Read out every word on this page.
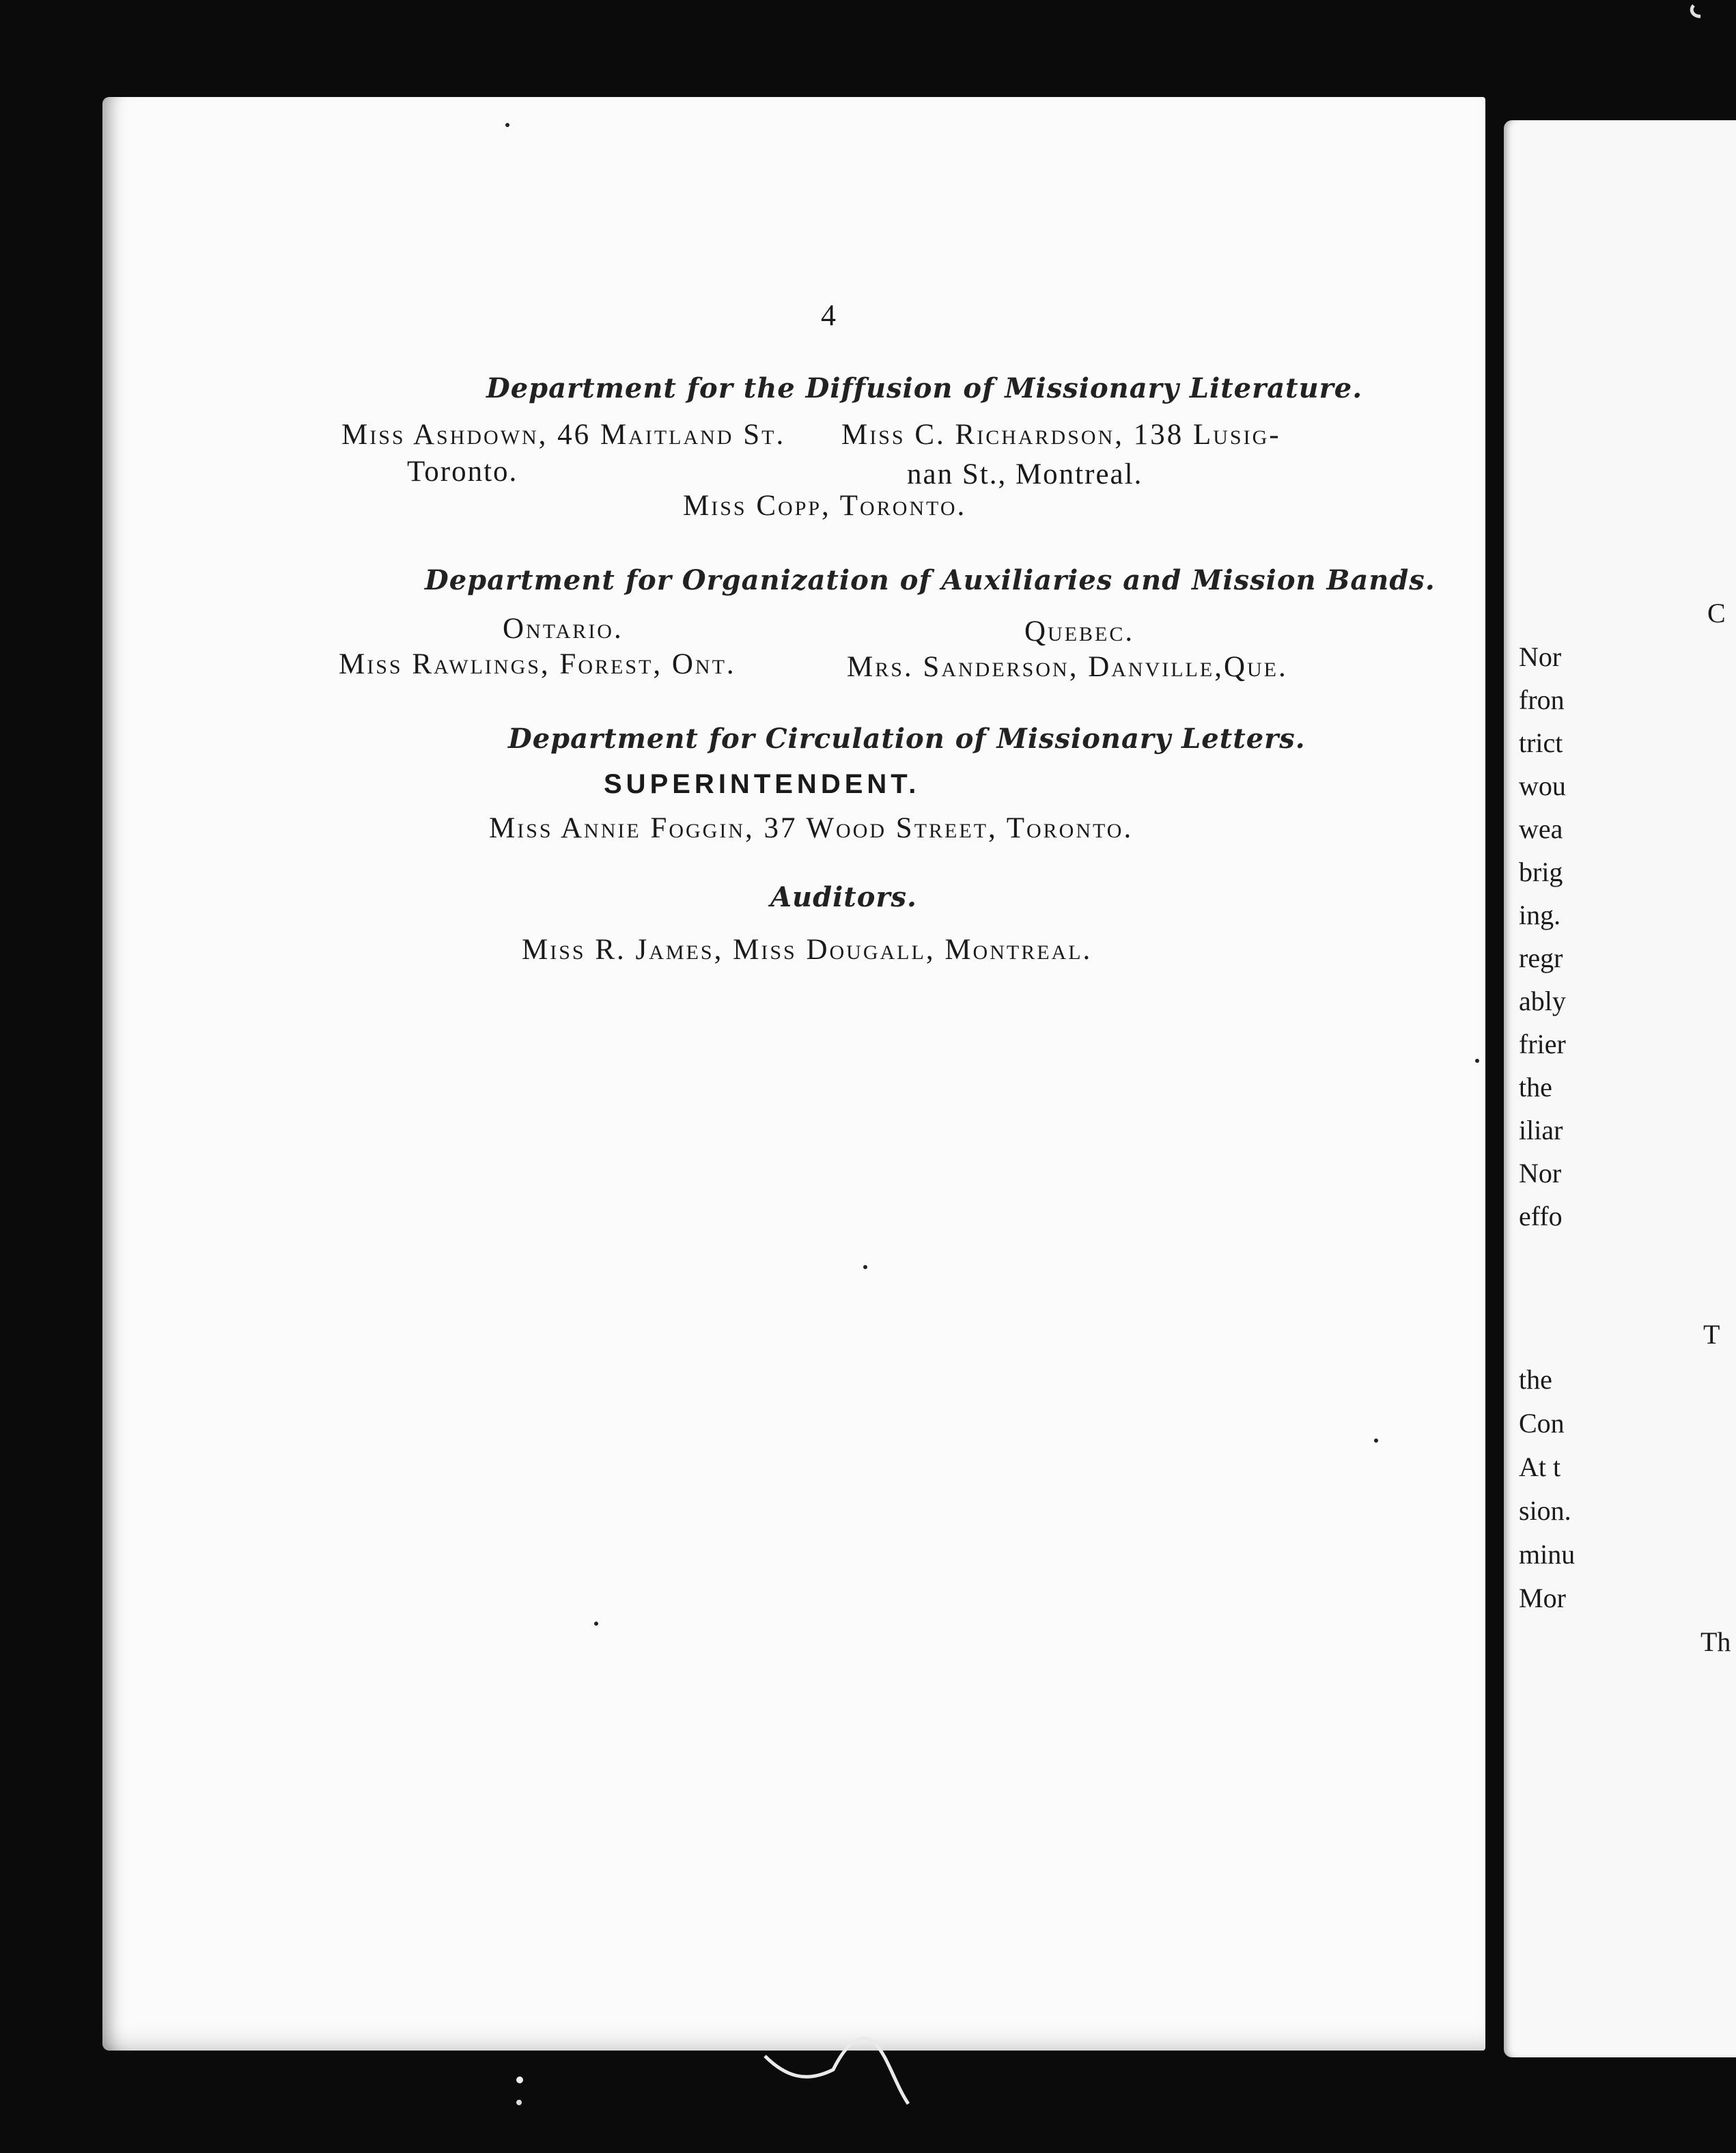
4
Department for the Diffusion of Missionary Literature.
Miss Ashdown, 46 Maitland St.
Toronto.
Miss C. Richardson, 138 Lusig-
nan St., Montreal.
Miss Copp, Toronto.
Department for Organization of Auxiliaries and Mission Bands.
Ontario.	Quebec.
Miss Rawlings, Forest, Ont.	Mrs. Sanderson, Danville,Que.
Department for Circulation of Missionary Letters.
SUPERINTENDENT.
Miss Annie Foggin, 37 Wood Street, Toronto.
Auditors.
Miss R. James, Miss Dougall, Montreal.
C
Nor
fron
trict
wou
wea
brig
ing.
regr
ably
frier
the
iliar
Nor
effo
T
the
Con
At t
sion.
minu
Mor
Th
